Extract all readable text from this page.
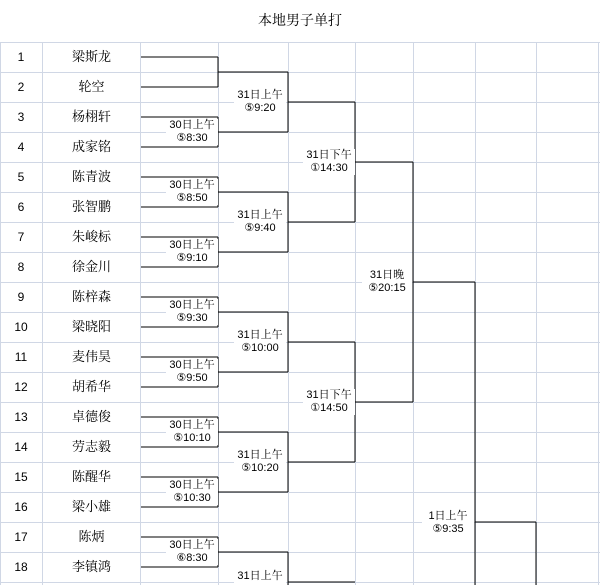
本地男子单打
1	梁斯龙
2	轮空
3	杨栩轩
4	成家铭
5	陈青波
6	张智鹏
7	朱峻标
8	徐金川
9	陈梓森
10	梁晓阳
11	麦伟昊
12	胡希华
13	卓德俊
14	劳志毅
15	陈醒华
16	梁小雄
17	陈炳
18	李镇鸿
30日上午
⑤8:30
30日上午
⑤8:50
30日上午
⑤9:10
30日上午
⑤9:30
30日上午
⑤9:50
30日上午
⑤10:10
30日上午
⑤10:30
30日上午
⑥8:30
31日上午
⑤9:20
31日上午
⑤9:40
31日上午
⑤10:00
31日上午
⑤10:20
31日上午
31日下午
①14:30
31日下午
①14:50
31日晚
⑤20:15
1日上午
⑤9:35
